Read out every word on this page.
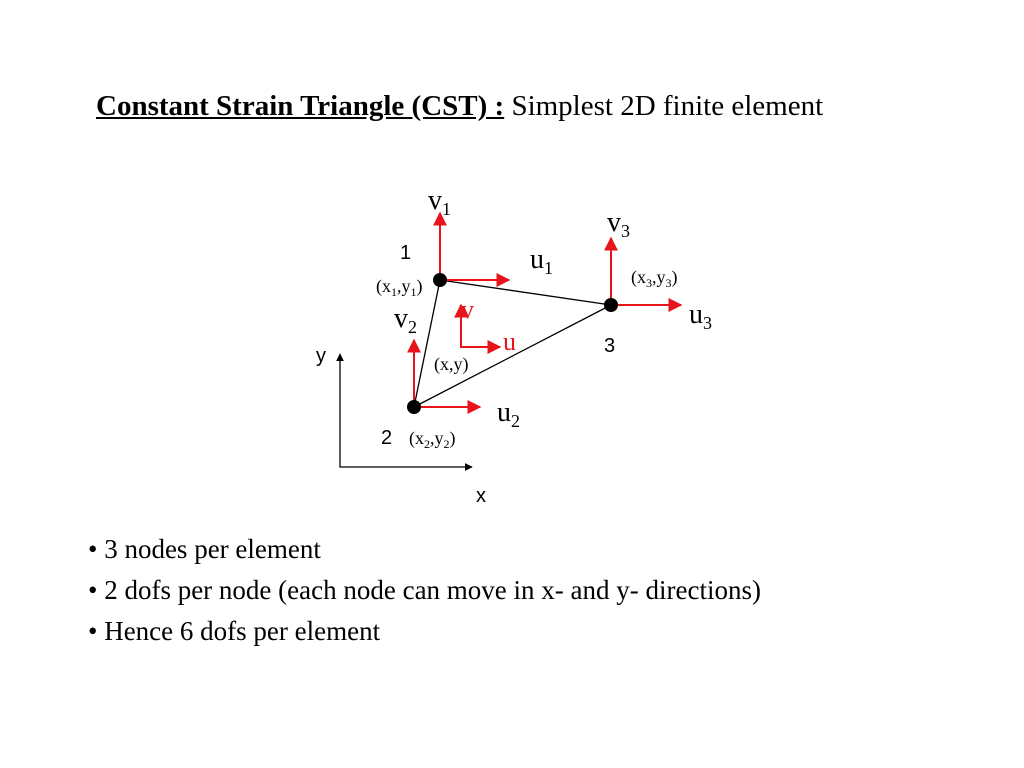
Constant Strain Triangle (CST) : Simplest 2D finite element
1
2
3
$v_1$
$u_1$
$v_2$
$u_2$
$v_3$
$u_3$
$(x_1,y_1)$
$(x_2,y_2)$
$(x_3,y_3)$
v
u
(x,y)
y
x
• 3 nodes per element
• 2 dofs per node (each node can move in x- and y- directions)
• Hence 6 dofs per element
